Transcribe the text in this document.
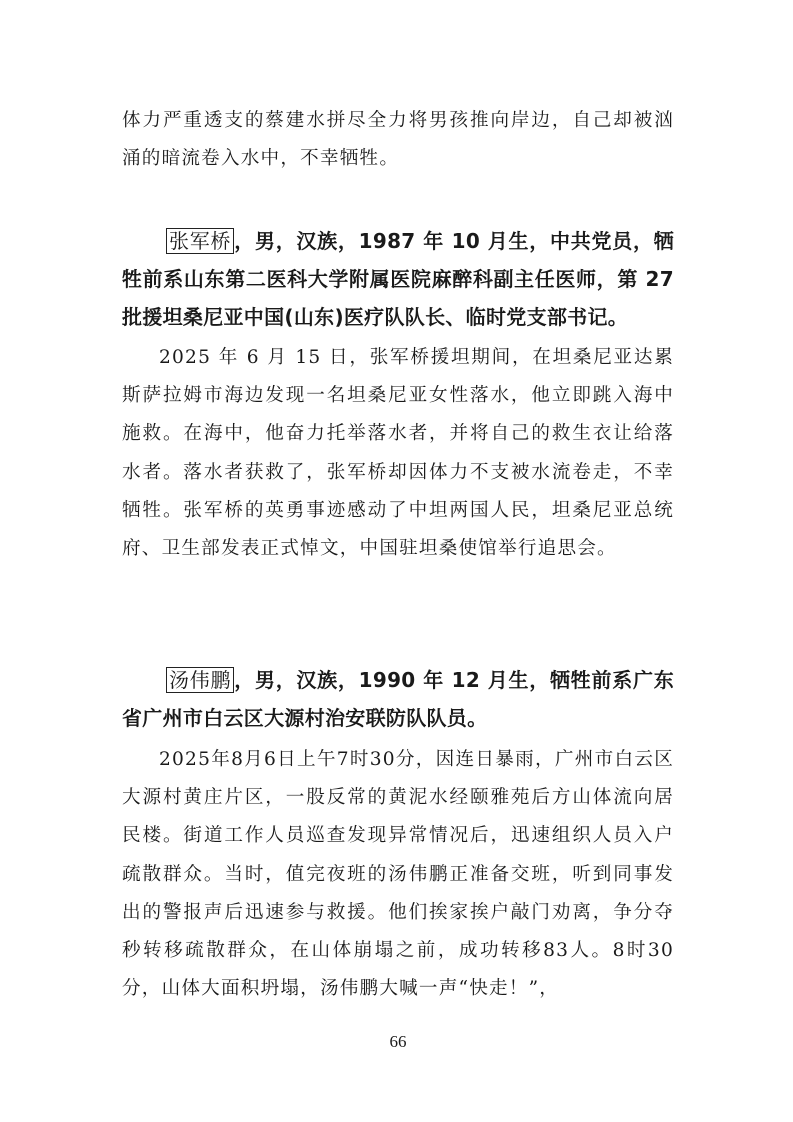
体力严重透支的蔡建水拼尽全力将男孩推向岸边，自己却被汹涌的暗流卷入水中，不幸牺牲。

张军桥 ，男，汉族，1987 年 10 月生，中共党员，牺牲前系山东第二医科大学附属医院麻醉科副主任医师，第 27 批援坦桑尼亚中国(山东)医疗队队长、临时党支部书记。

2025 年 6 月 15 日，张军桥援坦期间，在坦桑尼亚达累斯萨拉姆市海边发现一名坦桑尼亚女性落水，他立即跳入海中施救。在海中，他奋力托举落水者，并将自己的救生衣让给落水者。落水者获救了，张军桥却因体力不支被水流卷走，不幸牺牲。张军桥的英勇事迹感动了中坦两国人民，坦桑尼亚总统府、卫生部发表正式悼文，中国驻坦桑使馆举行追思会。

汤伟鹏 ，男，汉族，1990 年 12 月生，牺牲前系广东省广州市白云区大源村治安联防队队员。

2025年8月6日上午7时30分，因连日暴雨，广州市白云区大源村黄庄片区，一股反常的黄泥水经颐雅苑后方山体流向居民楼。街道工作人员巡查发现异常情况后，迅速组织人员入户疏散群众。当时，值完夜班的汤伟鹏正准备交班，听到同事发出的警报声后迅速参与救援。他们挨家挨户敲门劝离，争分夺秒转移疏散群众，在山体崩塌之前，成功转移83人。8时30分，山体大面积坍塌，汤伟鹏大喊一声“快走！”，

66
